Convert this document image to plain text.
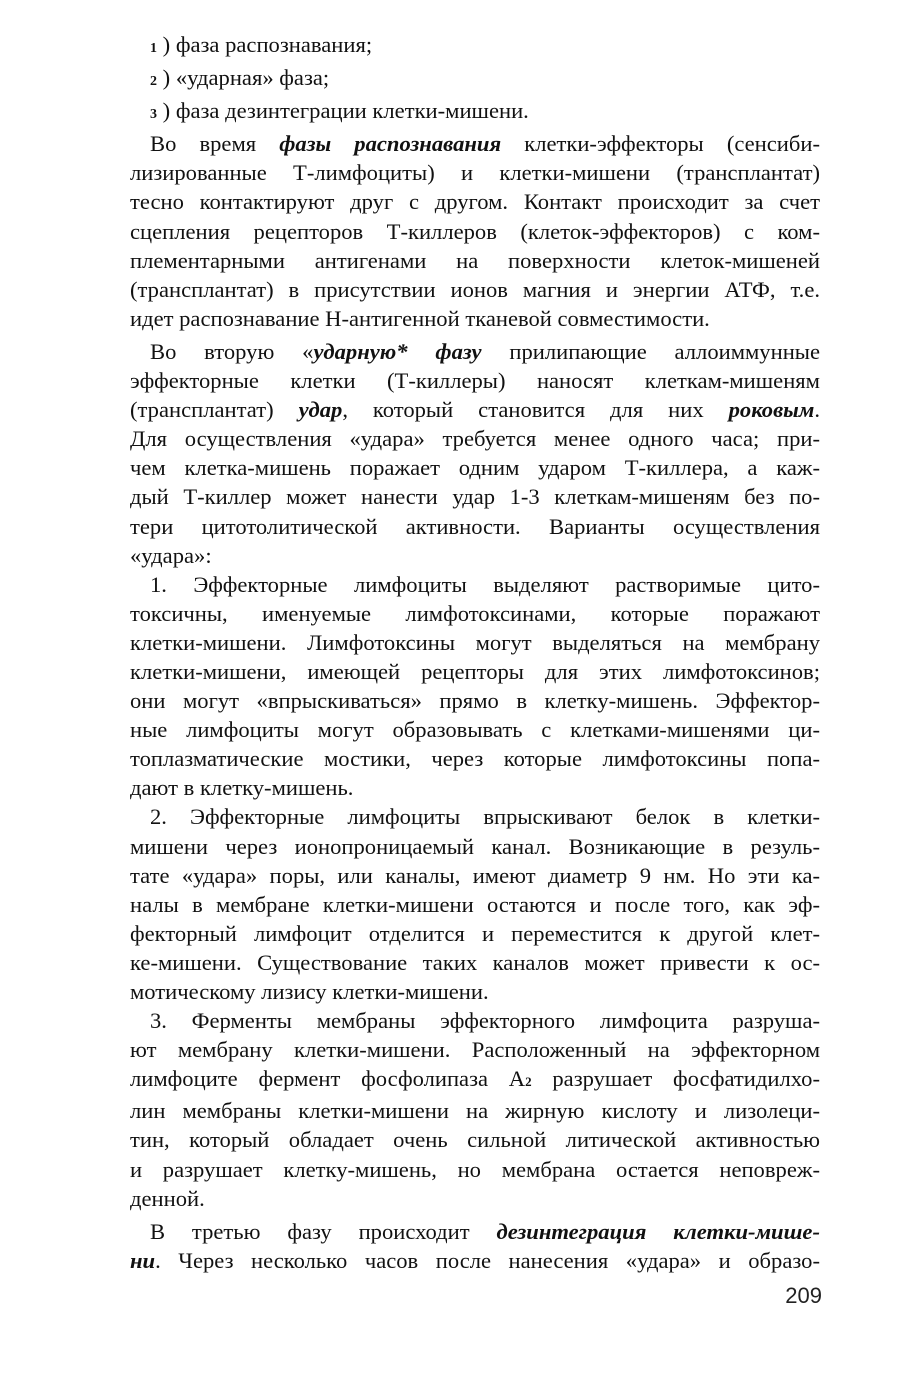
1 ) фаза распознавания;

2 ) «ударная» фаза;

3 ) фаза дезинтеграции клетки-мишени.

Во время фазы распознавания клетки-эффекторы (сенсиби-

лизированные Т-лимфоциты) и клетки-мишени (трансплантат)

тесно контактируют друг с другом. Контакт происходит за счет

сцепления рецепторов Т-киллеров (клеток-эффекторов) с ком-

плементарными антигенами на поверхности клеток-мишеней

(трансплантат) в присутствии ионов магния и энергии АТФ, т.е.

идет распознавание Н-антигенной тканевой совместимости.

Во вторую «ударную* фазу прилипающие аллоиммунные

эффекторные клетки (Т-киллеры) наносят клеткам-мишеням

(трансплантат) удар, который становится для них роковым.

Для осуществления «удара» требуется менее одного часа; при-

чем клетка-мишень поражает одним ударом Т-киллера, а каж-

дый Т-киллер может нанести удар 1-3 клеткам-мишеням без по-

тери цитотолитической активности. Варианты осуществления

«удара»:

1. Эффекторные лимфоциты выделяют растворимые цито-

токсичны, именуемые лимфотоксинами, которые поражают

клетки-мишени. Лимфотоксины могут выделяться на мембрану

клетки-мишени, имеющей рецепторы для этих лимфотоксинов;

они могут «впрыскиваться» прямо в клетку-мишень. Эффектор-

ные лимфоциты могут образовывать с клетками-мишенями ци-

топлазматические мостики, через которые лимфотоксины попа-

дают в клетку-мишень.

2. Эффекторные лимфоциты впрыскивают белок в клетки-

мишени через ионопроницаемый канал. Возникающие в резуль-

тате «удара» поры, или каналы, имеют диаметр 9 нм. Но эти ка-

налы в мембране клетки-мишени остаются и после того, как эф-

фекторный лимфоцит отделится и переместится к другой клет-

ке-мишени. Существование таких каналов может привести к ос-

мотическому лизису клетки-мишени.

3. Ферменты мембраны эффекторного лимфоцита разруша-

ют мембрану клетки-мишени. Расположенный на эффекторном

лимфоците фермент фосфолипаза А2 разрушает фосфатидилхо-

лин мембраны клетки-мишени на жирную кислоту и лизолеци-

тин, который обладает очень сильной литической активностью

и разрушает клетку-мишень, но мембрана остается неповреж-

денной.

В третью фазу происходит дезинтеграция клетки-мише-

ни. Через несколько часов после нанесения «удара» и образо-

209
